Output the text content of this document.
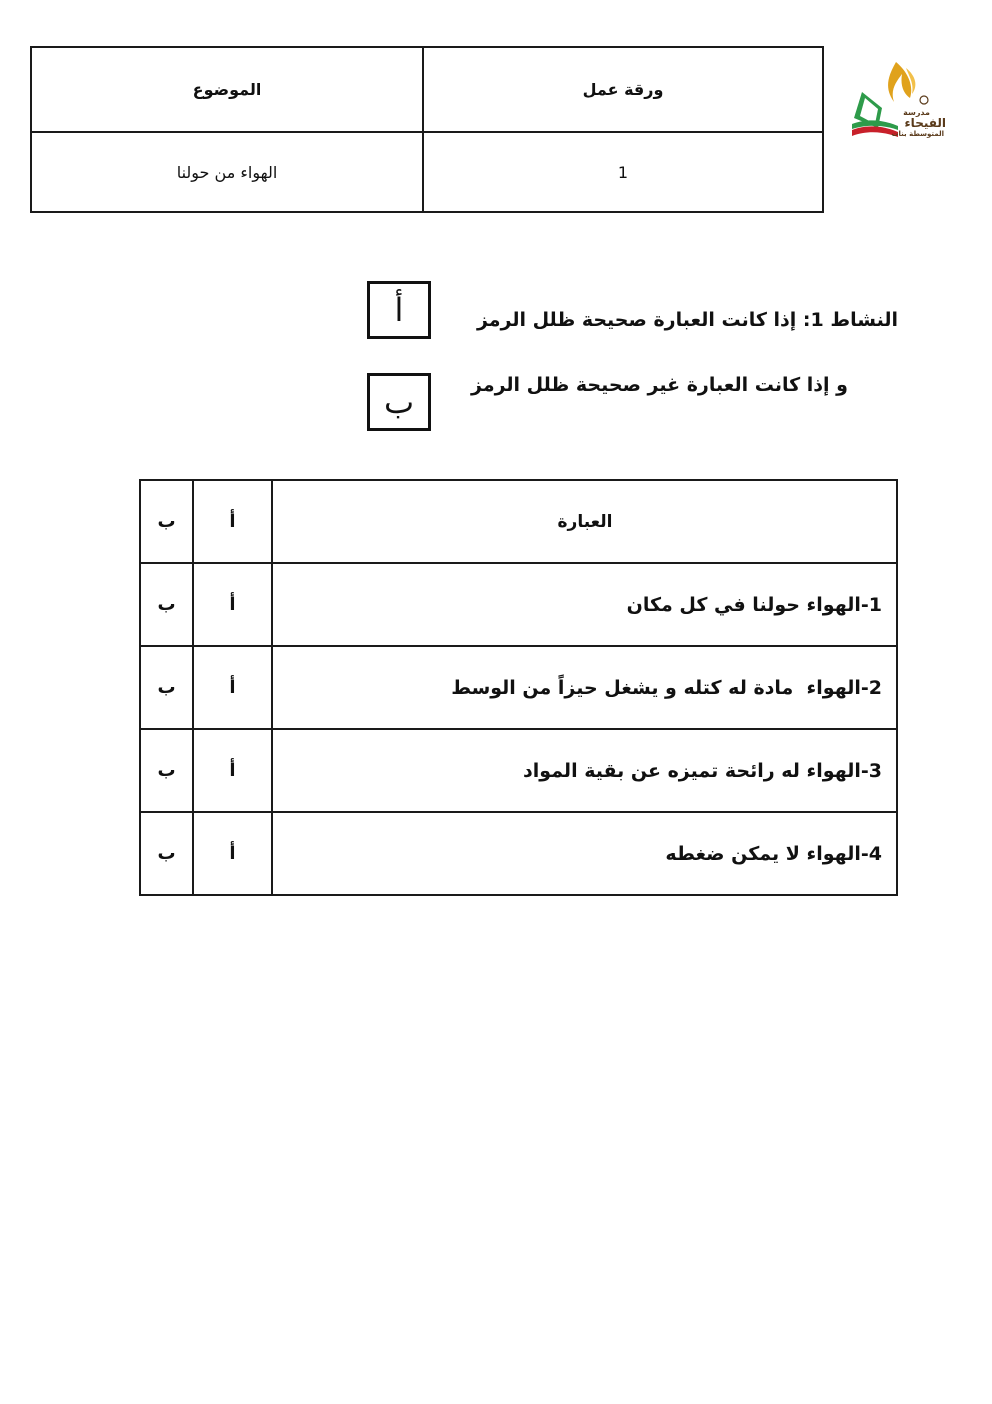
ورقة عمل	الموضوع
1	الهواء من حولنا
مدرسة
الفيحاء
المتوسطة بنات
النشاط 1: إذا كانت العبارة صحيحة ظلل الرمز
أ
و إذا كانت العبارة غير صحيحة ظلل الرمز
ب
العبارة	أ	ب
1-الهواء حولنا في كل مكان	أ	ب
2-الهواء  مادة له كتله و يشغل حيزاً من الوسط	أ	ب
3-الهواء له رائحة تميزه عن بقية المواد	أ	ب
4-الهواء لا يمكن ضغطه	أ	ب
